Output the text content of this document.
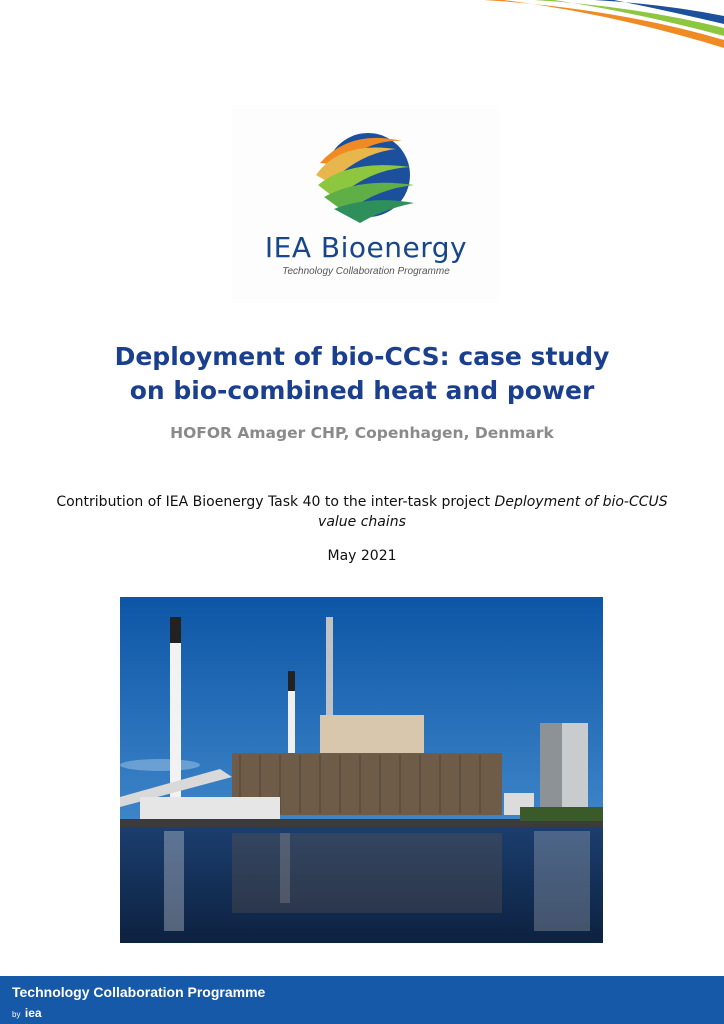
IEA Bioenergy
Technology Collaboration Programme
Deployment of bio-CCS: case study
on bio-combined heat and power
HOFOR Amager CHP, Copenhagen, Denmark
Contribution of IEA Bioenergy Task 40 to the inter-task project Deployment of bio-CCUS value chains
May 2021
Technology Collaboration Programme
by iea
